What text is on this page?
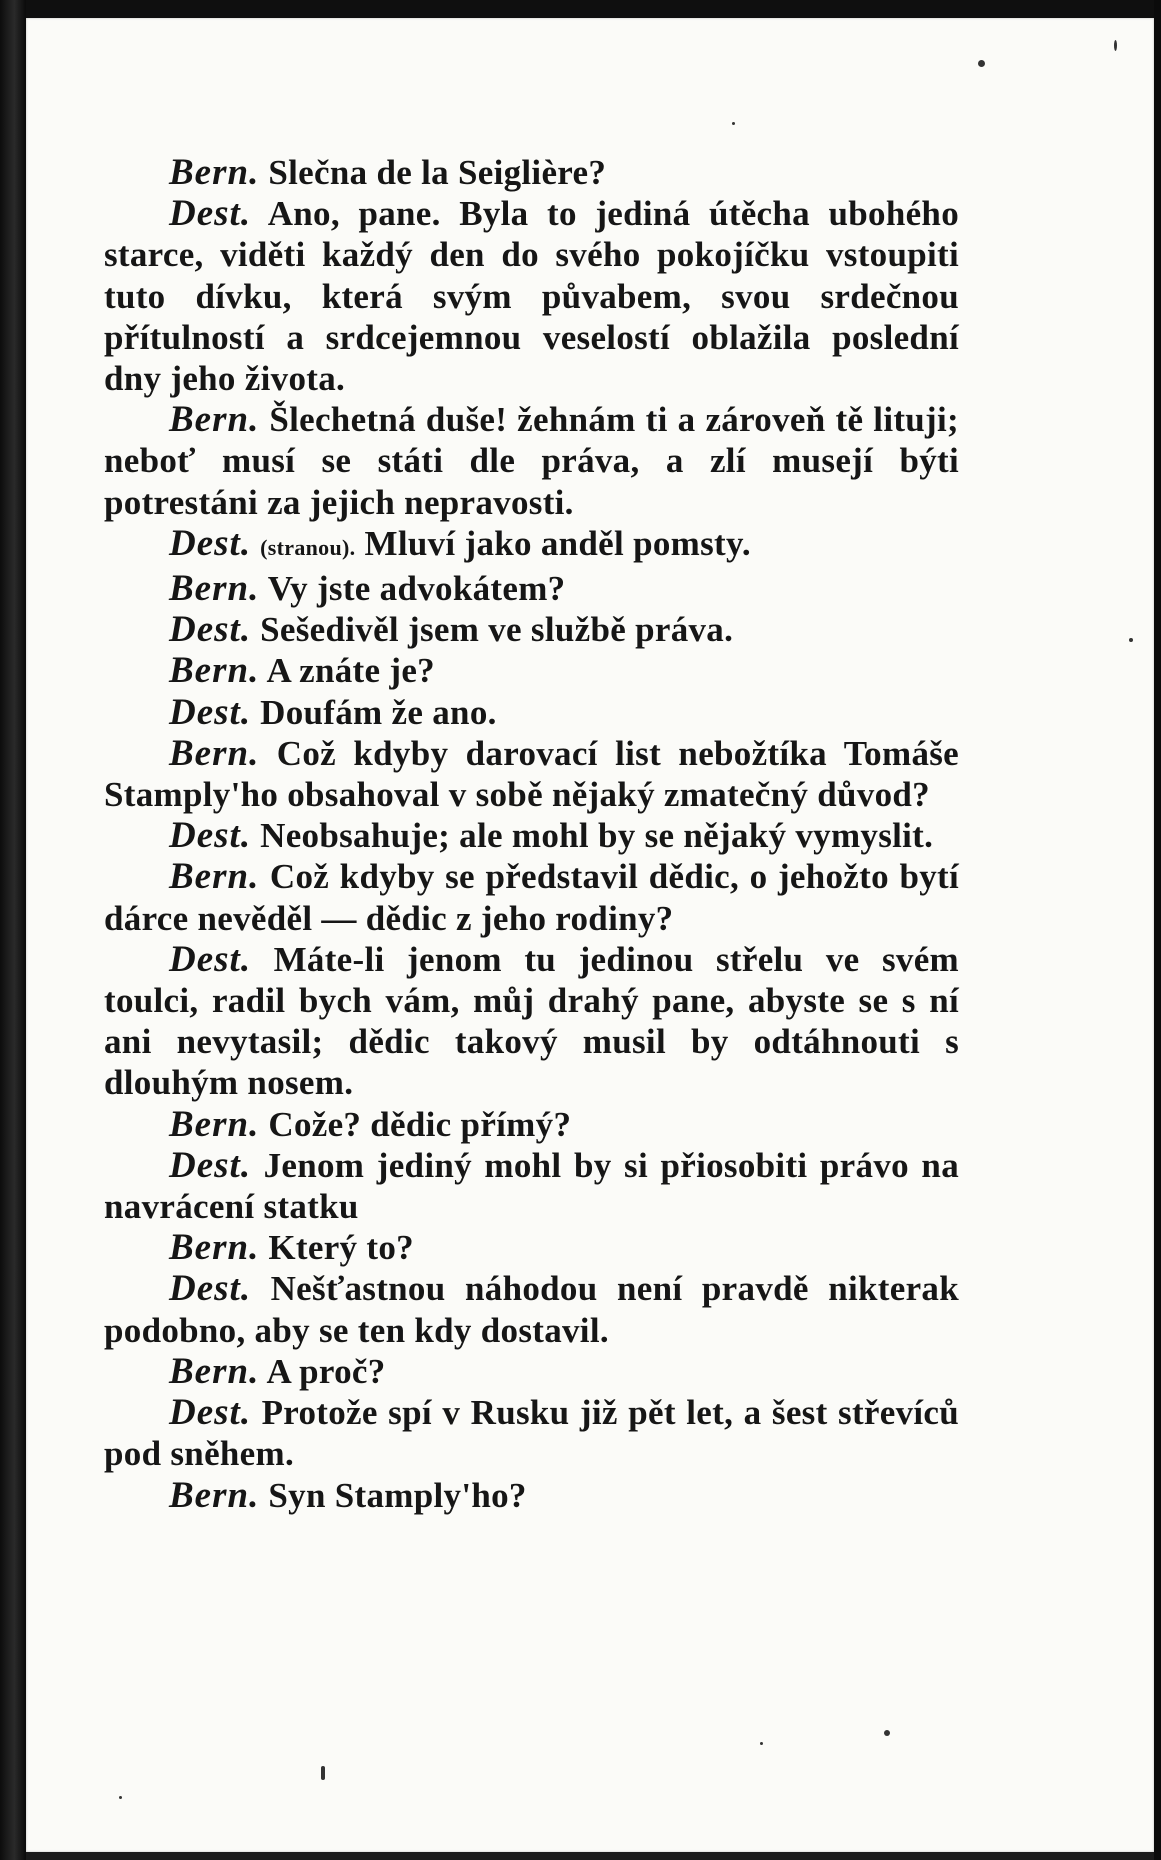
Bern. Slečna de la Seiglière?

Dest. Ano, pane. Byla to jediná útěcha ubohého starce, viděti každý den do svého pokojíčku vstoupiti tuto dívku, která svým půvabem, svou srdečnou přítulností a srdcejemnou veselostí oblažila poslední dny jeho života.

Bern. Šlechetná duše! žehnám ti a zároveň tě lituji; neboť musí se státi dle práva, a zlí musejí býti potrestáni za jejich nepravosti.

Dest. (stranou). Mluví jako anděl pomsty.

Bern. Vy jste advokátem?

Dest. Sešedivěl jsem ve službě práva.

Bern. A znáte je?

Dest. Doufám že ano.

Bern. Což kdyby darovací list nebožtíka Tomáše Stamply'ho obsahoval v sobě nějaký zmatečný důvod?

Dest. Neobsahuje; ale mohl by se nějaký vymyslit.

Bern. Což kdyby se představil dědic, o jehožto bytí dárce nevěděl — dědic z jeho rodiny?

Dest. Máte-li jenom tu jedinou střelu ve svém toulci, radil bych vám, můj drahý pane, abyste se s ní ani nevytasil; dědic takový musil by odtáhnouti s dlouhým nosem.

Bern. Cože? dědic přímý?

Dest. Jenom jediný mohl by si přiosobiti právo na navrácení statku

Bern. Který to?

Dest. Nešťastnou náhodou není pravdě nikterak podobno, aby se ten kdy dostavil.

Bern. A proč?

Dest. Protože spí v Rusku již pět let, a šest střevíců pod sněhem.

Bern. Syn Stamply'ho?
